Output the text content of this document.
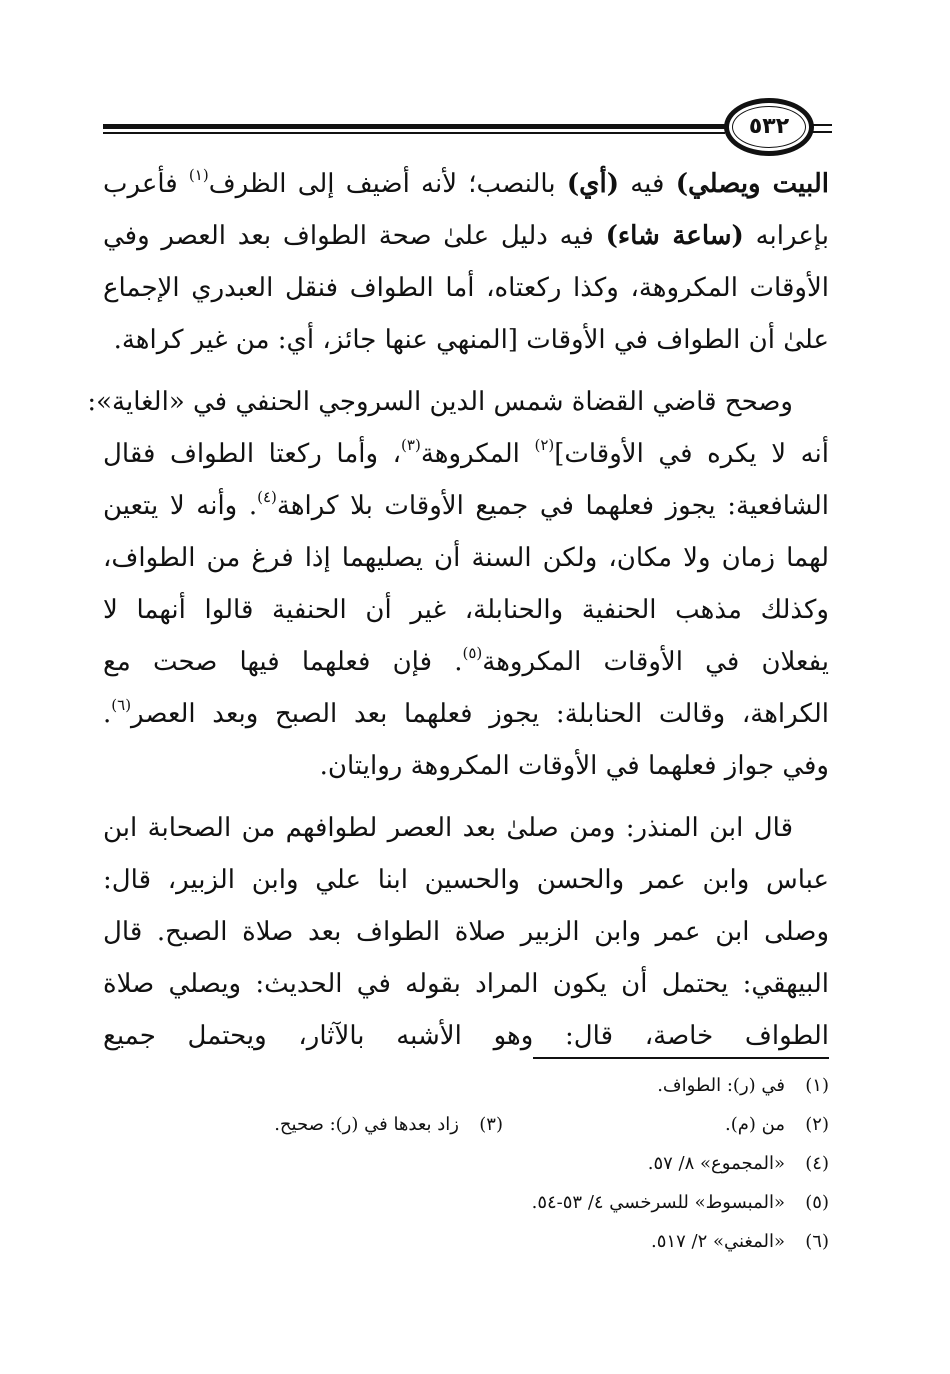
٥٣٢
البيت ويصلي) فيه (أي) بالنصب؛ لأنه أضيف إلى الظرف$^{(١)}$ فأعرب
بإعرابه (ساعة شاء) فيه دليل علىٰ صحة الطواف بعد العصر وفي
الأوقات المكروهة، وكذا ركعتاه، أما الطواف فنقل العبدري الإجماع
علىٰ أن الطواف في الأوقات [المنهي عنها جائز، أي: من غير كراهة.
وصحح قاضي القضاة شمس الدين السروجي الحنفي في «الغاية»:
أنه لا يكره في الأوقات]$^{(٢)}$ المكروهة$^{(٣)}$، وأما ركعتا الطواف فقال
الشافعية: يجوز فعلهما في جميع الأوقات بلا كراهة$^{(٤)}$. وأنه لا يتعين
لهما زمان ولا مكان، ولكن السنة أن يصليهما إذا فرغ من الطواف،
وكذلك مذهب الحنفية والحنابلة، غير أن الحنفية قالوا أنهما لا
يفعلان في الأوقات المكروهة$^{(٥)}$. فإن فعلهما فيها صحت مع
الكراهة، وقالت الحنابلة: يجوز فعلهما بعد الصبح وبعد العصر$^{(٦)}$.
وفي جواز فعلهما في الأوقات المكروهة روايتان.
قال ابن المنذر: ومن صلىٰ بعد العصر لطوافهم من الصحابة ابن
عباس وابن عمر والحسن والحسين ابنا علي وابن الزبير، قال:
وصلى ابن عمر وابن الزبير صلاة الطواف بعد صلاة الصبح. قال
البيهقي: يحتمل أن يكون المراد بقوله في الحديث: ويصلي صلاة
الطواف خاصة، قال: وهو الأشبه بالآثار، ويحتمل جميع
(١)في (ر): الطواف.
(٢)من (م).
(٣)زاد بعدها في (ر): صحيح.
(٤)«المجموع» ٨/ ٥٧.
(٥)«المبسوط» للسرخسي ٤/ ٥٣-٥٤.
(٦)«المغني» ٢/ ٥١٧.
